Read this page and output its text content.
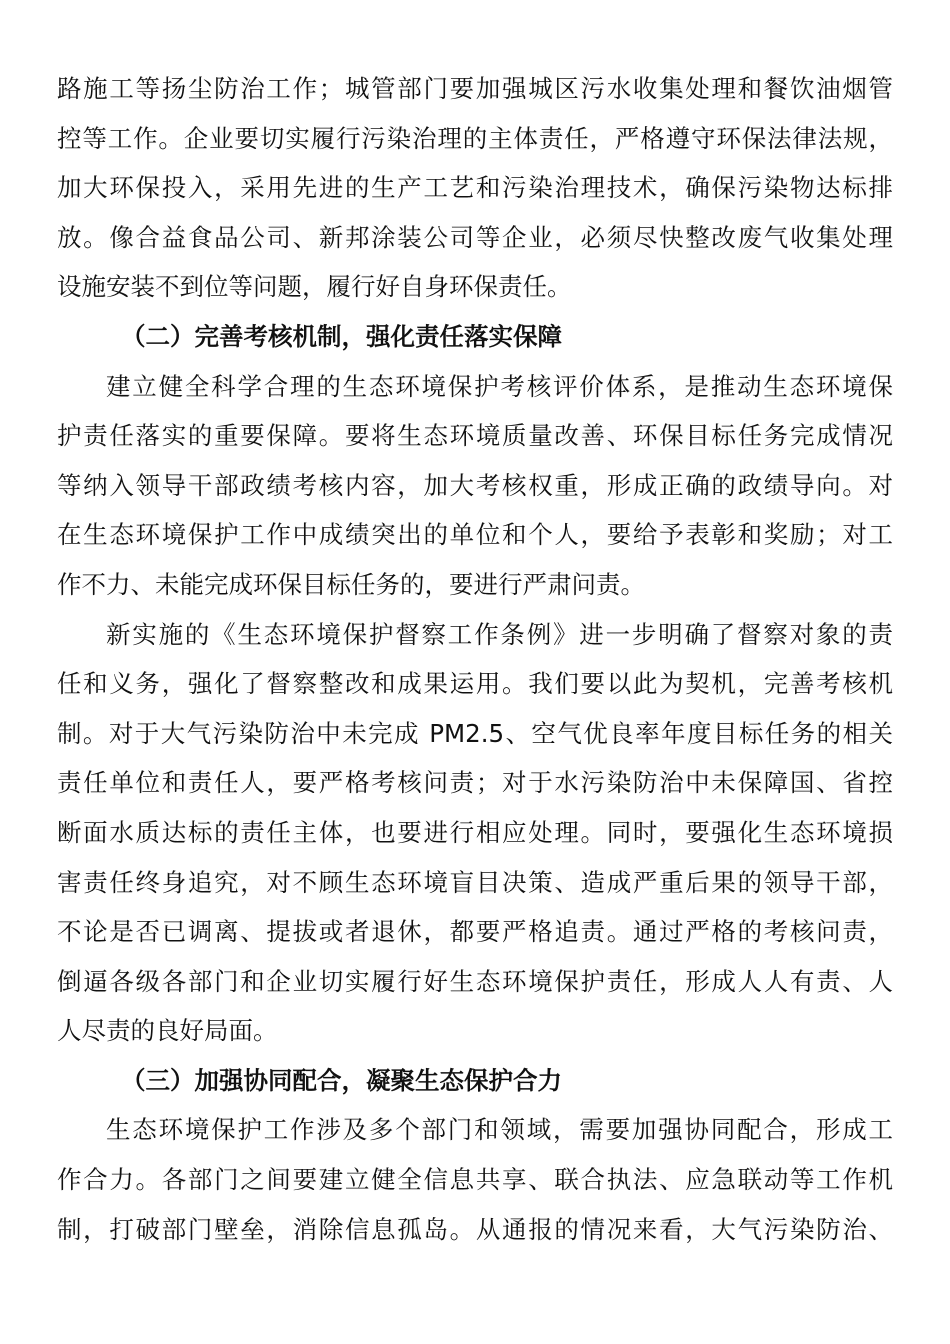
路施工等扬尘防治工作；城管部门要加强城区污水收集处理和餐饮油烟管
控等工作。企业要切实履行污染治理的主体责任，严格遵守环保法律法规，
加大环保投入，采用先进的生产工艺和污染治理技术，确保污染物达标排
放。像合益食品公司、新邦涂装公司等企业，必须尽快整改废气收集处理
设施安装不到位等问题，履行好自身环保责任。
（二）完善考核机制，强化责任落实保障
建立健全科学合理的生态环境保护考核评价体系，是推动生态环境保
护责任落实的重要保障。要将生态环境质量改善、环保目标任务完成情况
等纳入领导干部政绩考核内容，加大考核权重，形成正确的政绩导向。对
在生态环境保护工作中成绩突出的单位和个人，要给予表彰和奖励；对工
作不力、未能完成环保目标任务的，要进行严肃问责。
新实施的《生态环境保护督察工作条例》进一步明确了督察对象的责
任和义务，强化了督察整改和成果运用。我们要以此为契机，完善考核机
制。对于大气污染防治中未完成 PM2.5、空气优良率年度目标任务的相关
责任单位和责任人，要严格考核问责；对于水污染防治中未保障国、省控
断面水质达标的责任主体，也要进行相应处理。同时，要强化生态环境损
害责任终身追究，对不顾生态环境盲目决策、造成严重后果的领导干部，
不论是否已调离、提拔或者退休，都要严格追责。通过严格的考核问责，
倒逼各级各部门和企业切实履行好生态环境保护责任，形成人人有责、人
人尽责的良好局面。
（三）加强协同配合，凝聚生态保护合力
生态环境保护工作涉及多个部门和领域，需要加强协同配合，形成工
作合力。各部门之间要建立健全信息共享、联合执法、应急联动等工作机
制，打破部门壁垒，消除信息孤岛。从通报的情况来看，大气污染防治、
